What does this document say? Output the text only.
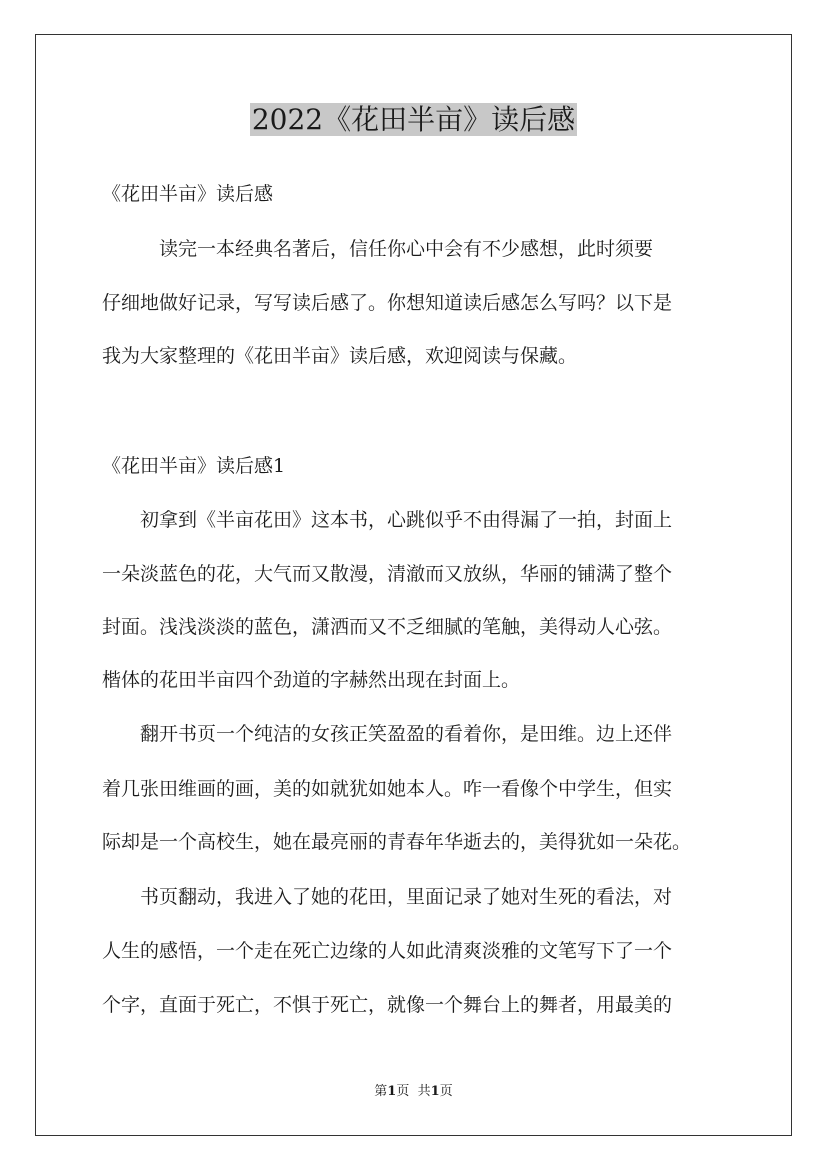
2022《花田半亩》读后感

《花田半亩》读后感

　　　读完一本经典名著后，信任你心中会有不少感想，此时须要

仔细地做好记录，写写读后感了。你想知道读后感怎么写吗？以下是

我为大家整理的《花田半亩》读后感，欢迎阅读与保藏。

《花田半亩》读后感1

　　初拿到《半亩花田》这本书，心跳似乎不由得漏了一拍，封面上

一朵淡蓝色的花，大气而又散漫，清澈而又放纵，华丽的铺满了整个

封面。浅浅淡淡的蓝色，潇洒而又不乏细腻的笔触，美得动人心弦。

楷体的花田半亩四个劲道的字赫然出现在封面上。

　　翻开书页一个纯洁的女孩正笑盈盈的看着你，是田维。边上还伴

着几张田维画的画，美的如就犹如她本人。咋一看像个中学生，但实

际却是一个高校生，她在最亮丽的青春年华逝去的，美得犹如一朵花。

　　书页翻动，我进入了她的花田，里面记录了她对生死的看法，对

人生的感悟，一个走在死亡边缘的人如此清爽淡雅的文笔写下了一个

个字，直面于死亡，不惧于死亡，就像一个舞台上的舞者，用最美的

第1页 共1页
